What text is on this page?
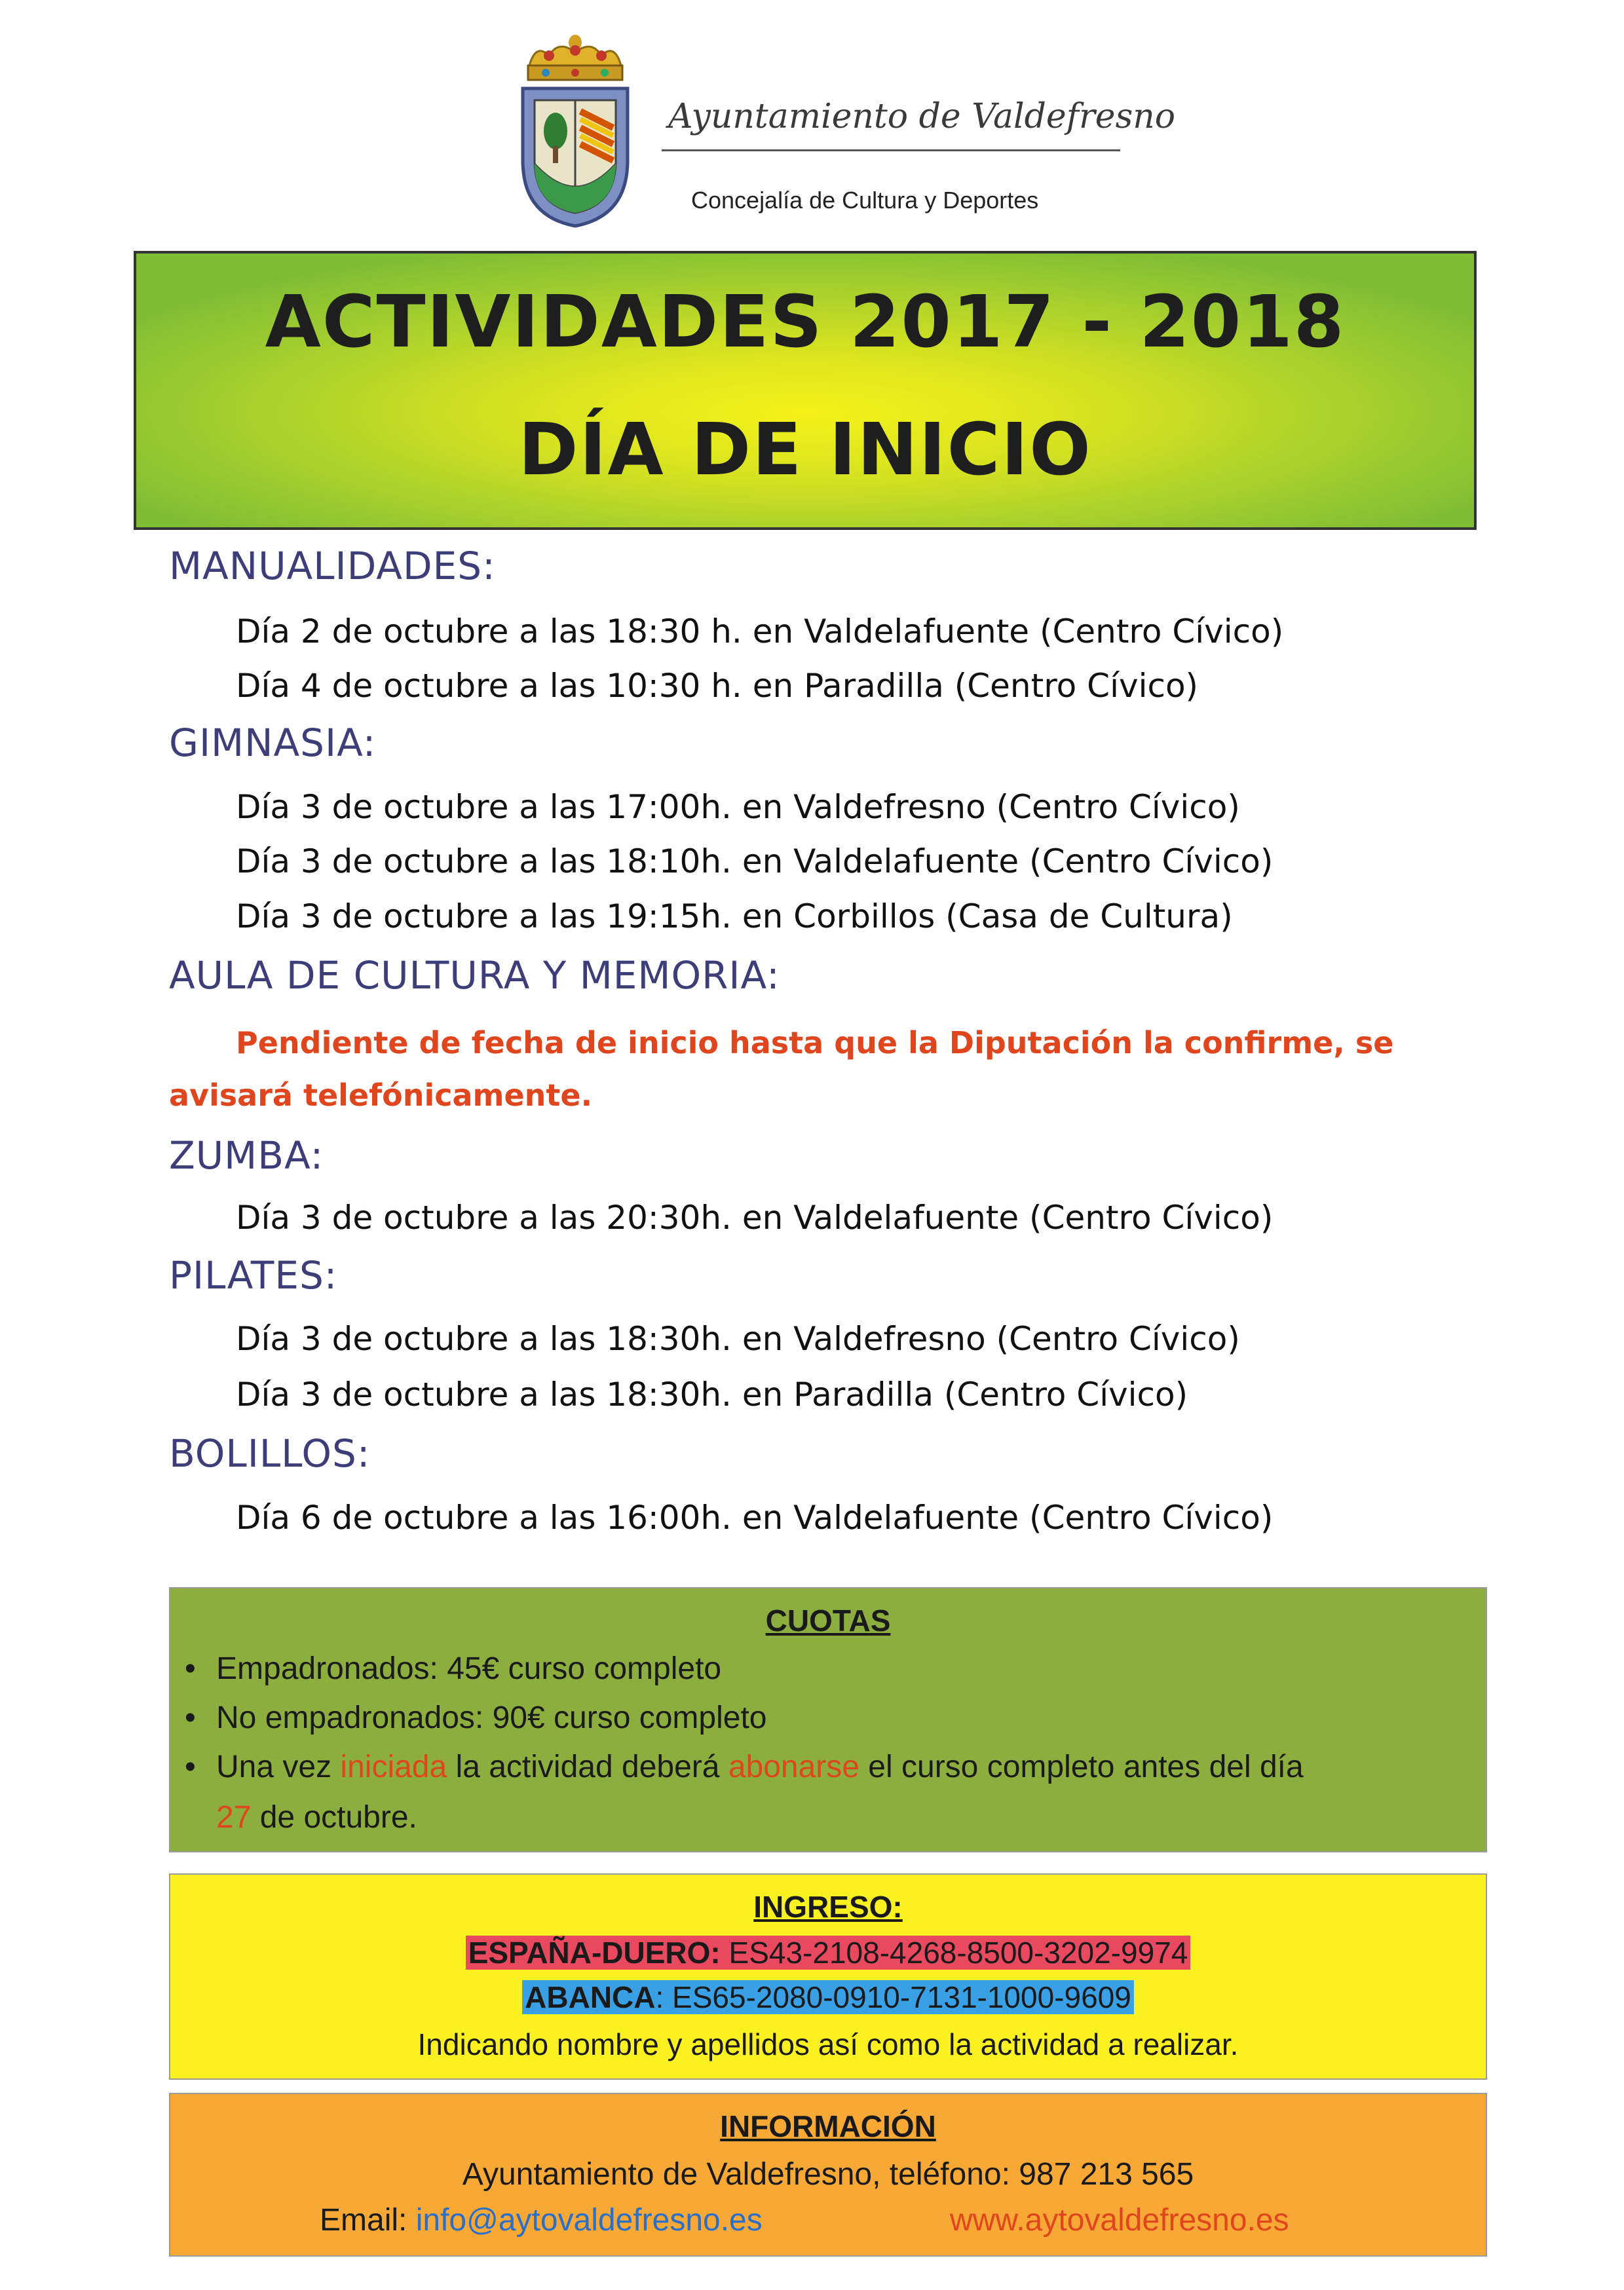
Ayuntamiento de Valdefresno
Concejalía de Cultura y Deportes
ACTIVIDADES 2017 - 2018
DÍA DE INICIO
MANUALIDADES:
Día 2 de octubre a las 18:30 h. en Valdelafuente (Centro Cívico)
Día 4 de octubre a las 10:30 h. en Paradilla (Centro Cívico)
GIMNASIA:
Día 3 de octubre a las 17:00h. en Valdefresno (Centro Cívico)
Día 3 de octubre a las 18:10h. en Valdelafuente (Centro Cívico)
Día 3 de octubre a las 19:15h. en Corbillos (Casa de Cultura)
AULA DE CULTURA Y MEMORIA:
Pendiente de fecha de inicio hasta que la Diputación la confirme, se
avisará telefónicamente.
ZUMBA:
Día 3 de octubre a las 20:30h. en Valdelafuente (Centro Cívico)
PILATES:
Día 3 de octubre a las 18:30h. en Valdefresno (Centro Cívico)
Día 3 de octubre a las 18:30h. en Paradilla (Centro Cívico)
BOLILLOS:
Día 6 de octubre a las 16:00h. en Valdelafuente (Centro Cívico)
CUOTAS
• Empadronados: 45€ curso completo
• No empadronados: 90€ curso completo
• Una vez iniciada la actividad deberá abonarse el curso completo antes del día
27 de octubre.
INGRESO:
ESPAÑA-DUERO: ES43-2108-4268-8500-3202-9974
ABANCA: ES65-2080-0910-7131-1000-9609
Indicando nombre y apellidos así como la actividad a realizar.
INFORMACIÓN
Ayuntamiento de Valdefresno, teléfono: 987 213 565
Email: info@aytovaldefresno.es	www.aytovaldefresno.es
